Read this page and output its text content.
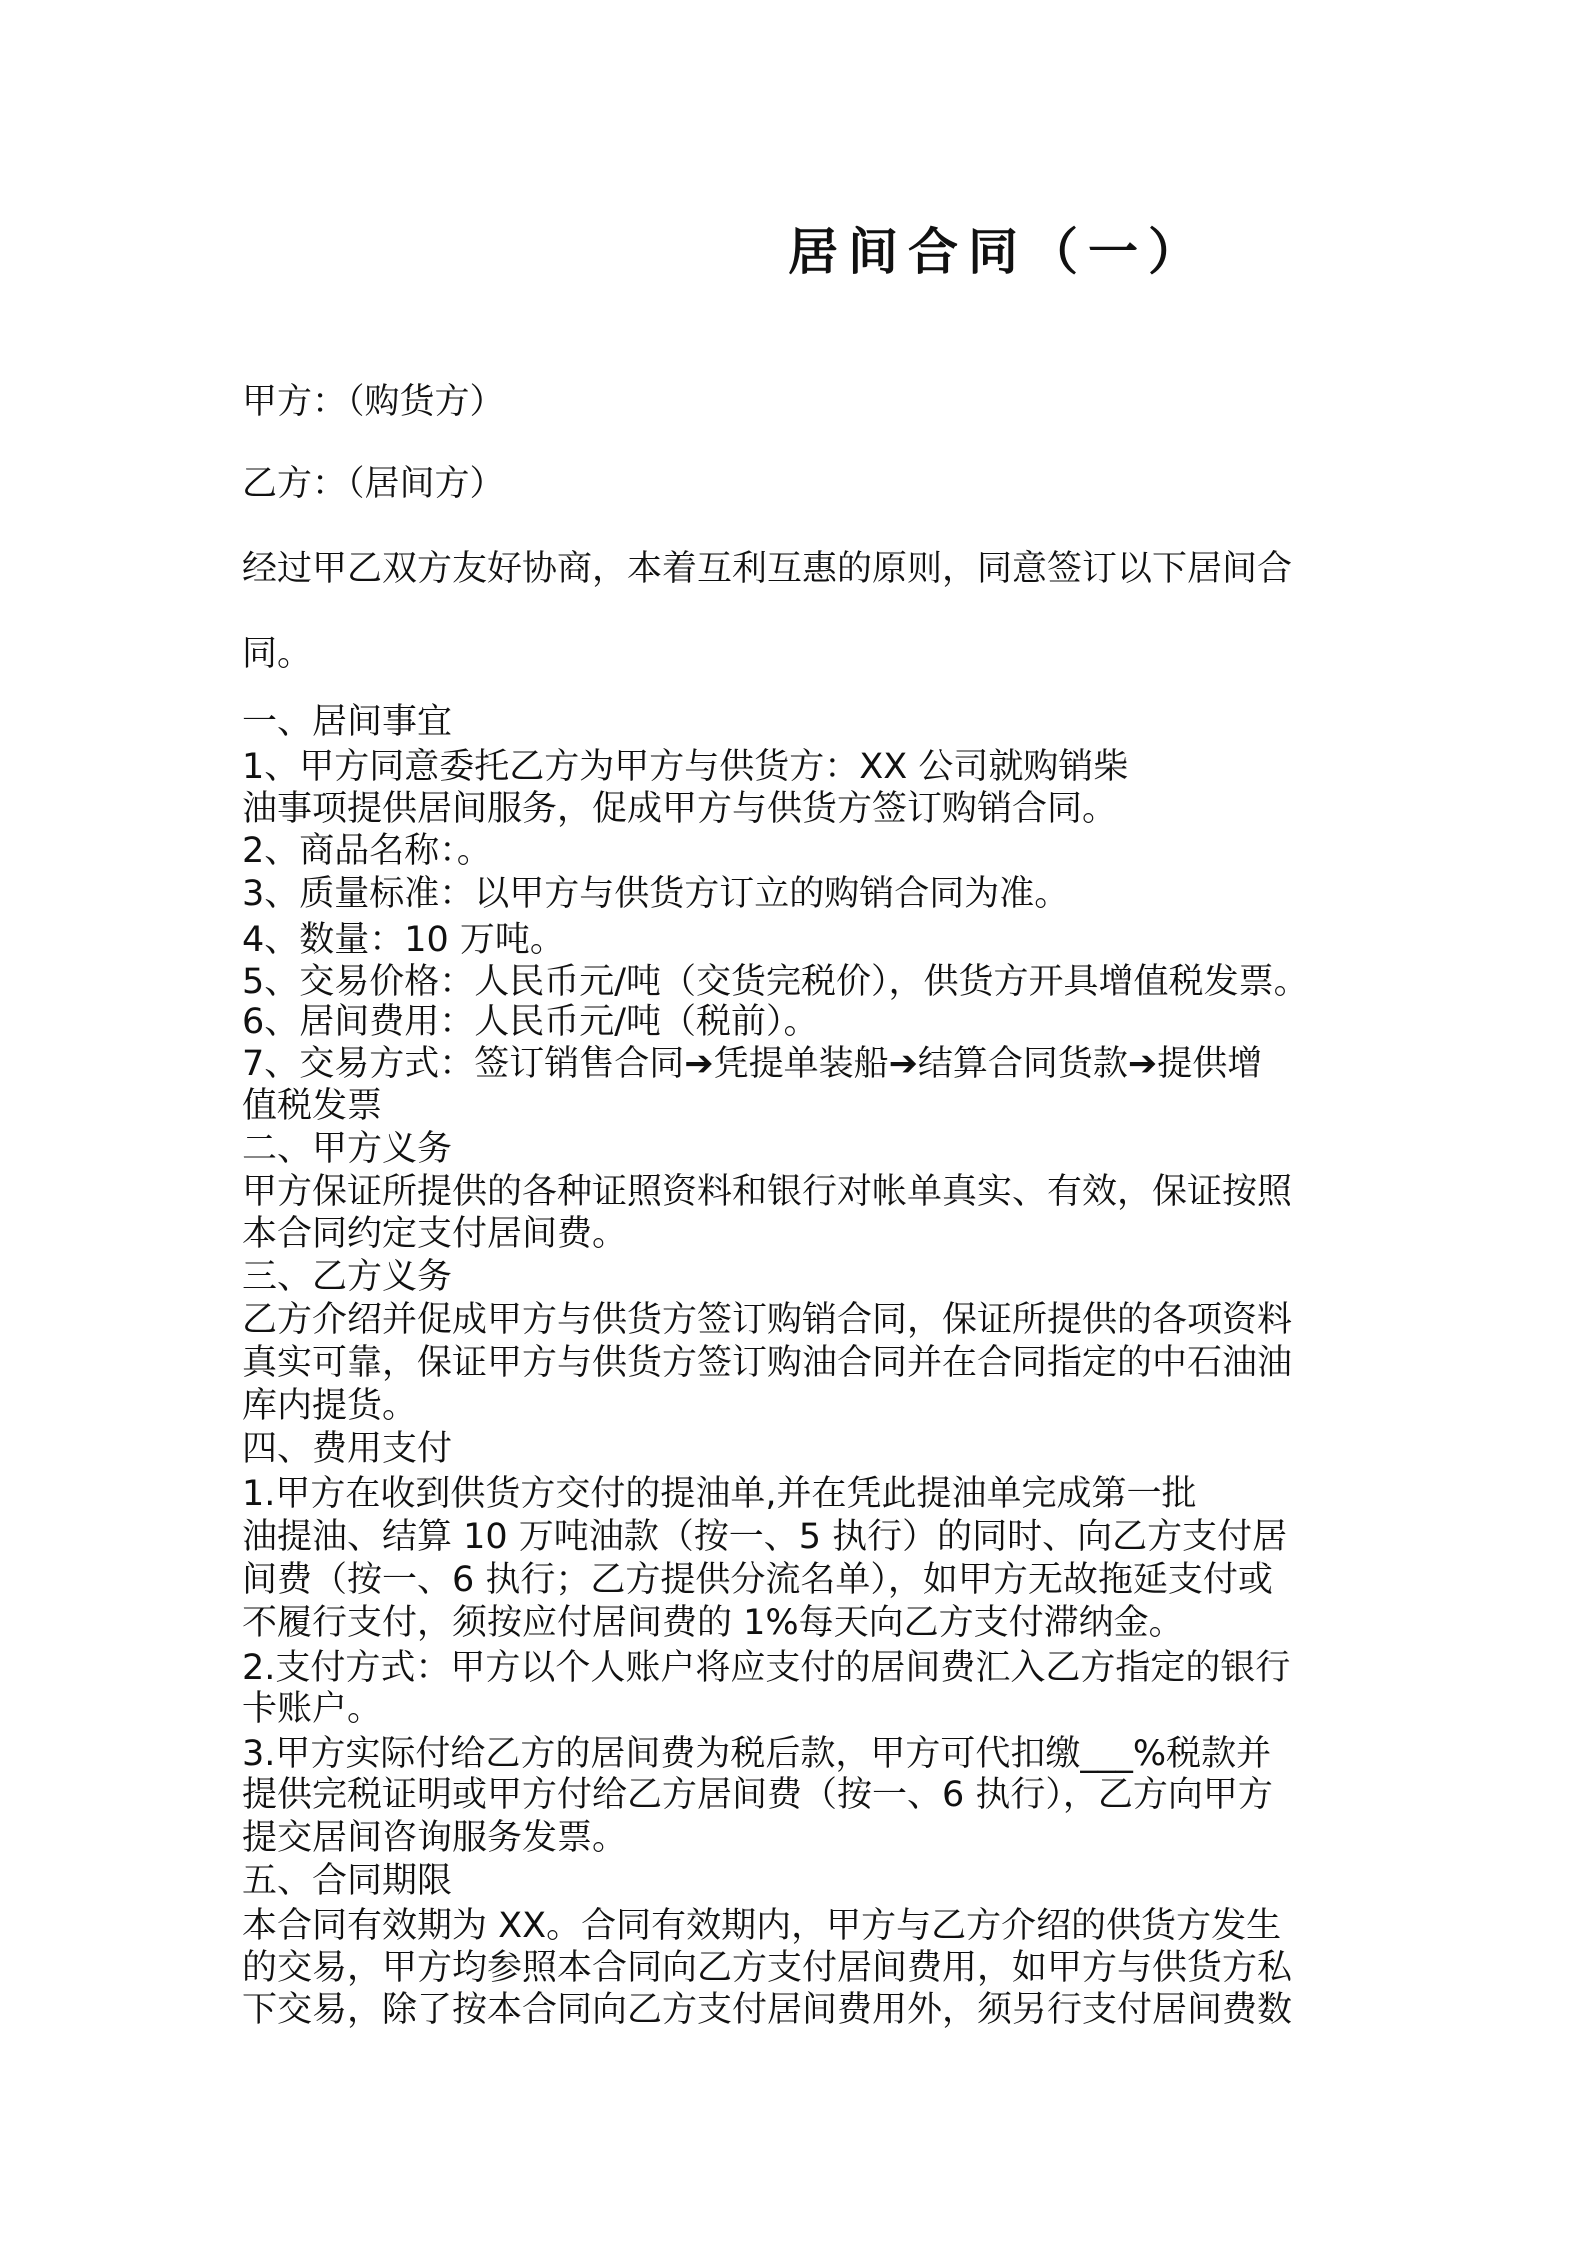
居间合同（一）
甲方：（购货方）
乙方：（居间方）
经过甲乙双方友好协商，本着互利互惠的原则，同意签订以下居间合
同。
一、居间事宜
1、甲方同意委托乙方为甲方与供货方：XX 公司就购销柴
油事项提供居间服务，促成甲方与供货方签订购销合同。
2、商品名称：。
3、质量标准：以甲方与供货方订立的购销合同为准。
4、数量：10 万吨。
5、交易价格：人民币元/吨（交货完税价），供货方开具增值税发票。
6、居间费用：人民币元/吨（税前）。
7、交易方式：签订销售合同➔凭提单装船➔结算合同货款➔提供增
值税发票
二、甲方义务
甲方保证所提供的各种证照资料和银行对帐单真实、有效，保证按照
本合同约定支付居间费。
三、乙方义务
乙方介绍并促成甲方与供货方签订购销合同，保证所提供的各项资料
真实可靠，保证甲方与供货方签订购油合同并在合同指定的中石油油
库内提货。
四、费用支付
1.甲方在收到供货方交付的提油单,并在凭此提油单完成第一批
油提油、结算 10 万吨油款（按一、5 执行）的同时、向乙方支付居
间费（按一、6 执行；乙方提供分流名单），如甲方无故拖延支付或
不履行支付，须按应付居间费的 1%每天向乙方支付滞纳金。
2.支付方式：甲方以个人账户将应支付的居间费汇入乙方指定的银行
卡账户。
3.甲方实际付给乙方的居间费为税后款，甲方可代扣缴___%税款并
提供完税证明或甲方付给乙方居间费（按一、6 执行），乙方向甲方
提交居间咨询服务发票。
五、合同期限
本合同有效期为 XX。合同有效期内，甲方与乙方介绍的供货方发生
的交易，甲方均参照本合同向乙方支付居间费用，如甲方与供货方私
下交易，除了按本合同向乙方支付居间费用外，须另行支付居间费数
